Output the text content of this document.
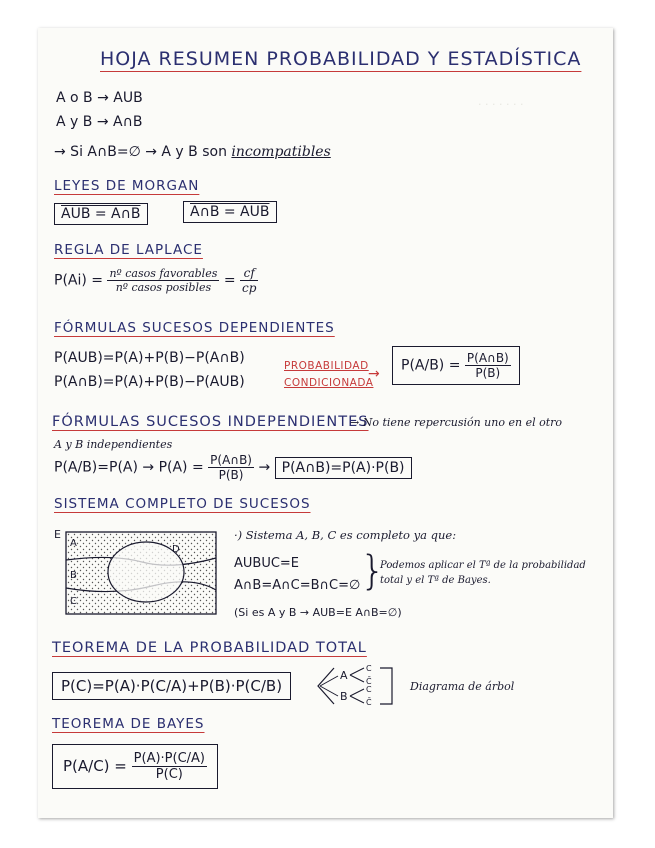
HOJA RESUMEN PROBABILIDAD Y ESTADÍSTICA
· · · · · · ·
A o B → AUB
A y B → A∩B
→ Si A∩B=∅ → A y B son incompatibles
LEYES DE MORGAN
AUB = A∩B	A∩B = AUB
REGLA DE LAPLACE
$P(Ai) = \frac{\text{nº casos favorables}}{\text{nº casos posibles}} = \frac{cf}{cp}$
FÓRMULAS SUCESOS DEPENDIENTES
P(AUB)=P(A)+P(B)−P(A∩B)
P(A∩B)=P(A)+P(B)−P(AUB)
PROBABILIDAD
CONDICIONADA
→
$P(A/B) = \frac{P(A\cap B)}{P(B)}$
FÓRMULAS SUCESOS INDEPENDIENTES
→ No tiene repercusión uno en el otro
A y B independientes
$P(A/B)=P(A) \to P(A) = \frac{P(A\cap B)}{P(B)}$ → P(A∩B)=P(A)·P(B)
SISTEMA COMPLETO DE SUCESOS
E
A
B
C
D
·) Sistema A, B, C es completo ya que:
AUBUC=E
A∩B=A∩C=B∩C=∅ }
Podemos aplicar el Tª de la probabilidad
total y el Tª de Bayes.
(Si es A y B → AUB=E A∩B=∅)
TEOREMA DE LA PROBABILIDAD TOTAL
P(C)=P(A)·P(C/A)+P(B)·P(C/B)
A
B
C
C̄
C
C̄
Diagrama de árbol
TEOREMA DE BAYES
$P(A/C) = \frac{P(A)\cdot P(C/A)}{P(C)}$
